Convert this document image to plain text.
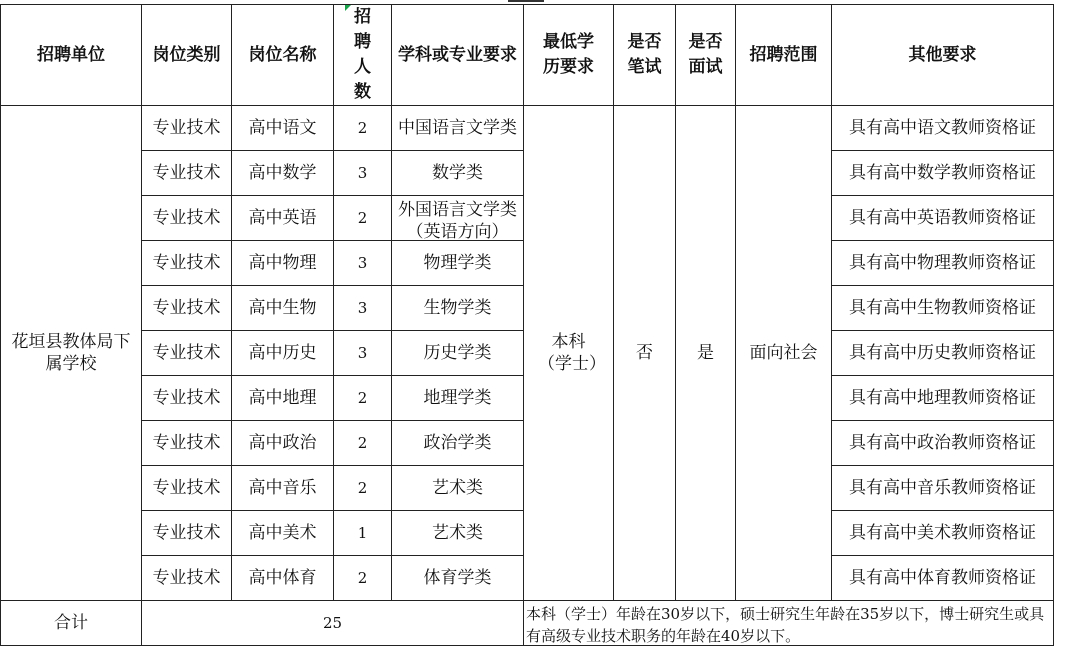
招聘单位	岗位类别	岗位名称	招聘人数	学科或专业要求	最低学历要求	是否笔试	是否面试	招聘范围	其他要求
花垣县教体局下属学校	专业技术	高中语文	2	中国语言文学类	本科（学士）	否	是	面向社会	具有高中语文教师资格证
	专业技术	高中数学	3	数学类					具有高中数学教师资格证
	专业技术	高中英语	2	外国语言文学类（英语方向）					具有高中英语教师资格证
	专业技术	高中物理	3	物理学类					具有高中物理教师资格证
	专业技术	高中生物	3	生物学类					具有高中生物教师资格证
	专业技术	高中历史	3	历史学类					具有高中历史教师资格证
	专业技术	高中地理	2	地理学类					具有高中地理教师资格证
	专业技术	高中政治	2	政治学类					具有高中政治教师资格证
	专业技术	高中音乐	2	艺术类					具有高中音乐教师资格证
	专业技术	高中美术	1	艺术类					具有高中美术教师资格证
	专业技术	高中体育	2	体育学类					具有高中体育教师资格证
合计	25				本科（学士）年龄在30岁以下，硕士研究生年龄在35岁以下，博士研究生或具有高级专业技术职务的年龄在40岁以下。				
